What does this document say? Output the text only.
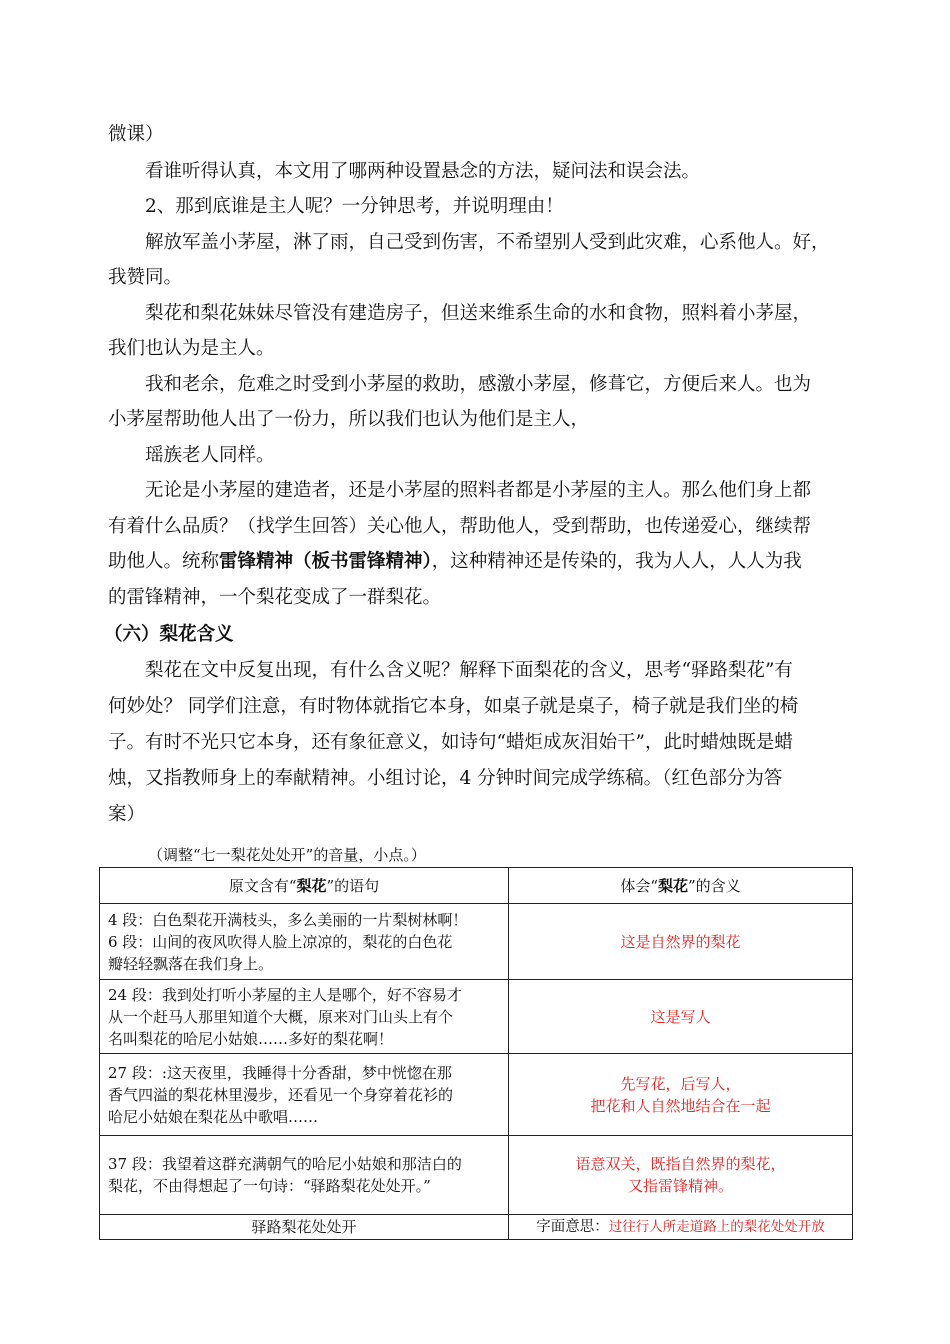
微课）
看谁听得认真，本文用了哪两种设置悬念的方法，疑问法和误会法。
2、那到底谁是主人呢？一分钟思考，并说明理由！
解放军盖小茅屋，淋了雨，自己受到伤害，不希望别人受到此灾难，心系他人。好，
我赞同。
梨花和梨花妹妹尽管没有建造房子，但送来维系生命的水和食物，照料着小茅屋，
我们也认为是主人。
我和老余，危难之时受到小茅屋的救助，感激小茅屋，修葺它，方便后来人。也为
小茅屋帮助他人出了一份力，所以我们也认为他们是主人，
瑶族老人同样。
无论是小茅屋的建造者，还是小茅屋的照料者都是小茅屋的主人。那么他们身上都
有着什么品质？（找学生回答）关心他人，帮助他人，受到帮助，也传递爱心，继续帮
助他人。统称雷锋精神（板书雷锋精神），这种精神还是传染的，我为人人，人人为我
的雷锋精神，一个梨花变成了一群梨花。
（六）梨花含义
梨花在文中反复出现，有什么含义呢？解释下面梨花的含义，思考“驿路梨花”有
何妙处？ 同学们注意，有时物体就指它本身，如桌子就是桌子，椅子就是我们坐的椅
子。有时不光只它本身，还有象征意义，如诗句“蜡炬成灰泪始干”，此时蜡烛既是蜡
烛，又指教师身上的奉献精神。小组讨论，4 分钟时间完成学练稿。（红色部分为答
案）
（调整“七一梨花处处开”的音量，小点。）
原文含有“梨花”的语句	体会“梨花”的含义

4 段：白色梨花开满枝头，多么美丽的一片梨树林啊！
6 段：山间的夜风吹得人脸上凉凉的，梨花的白色花
瓣轻轻飘落在我们身上。	这是自然界的梨花

24 段：我到处打听小茅屋的主人是哪个，好不容易才
从一个赶马人那里知道个大概，原来对门山头上有个
名叫梨花的哈尼小姑娘……多好的梨花啊！	这是写人

27 段：:这天夜里，我睡得十分香甜，梦中恍惚在那
香气四溢的梨花林里漫步，还看见一个身穿着花衫的
哈尼小姑娘在梨花丛中歌唱……	先写花，后写人，
把花和人自然地结合在一起

37 段：我望着这群充满朝气的哈尼小姑娘和那洁白的
梨花，不由得想起了一句诗：“驿路梨花处处开。”	语意双关，既指自然界的梨花，
又指雷锋精神。

驿路梨花处处开	字面意思：过往行人所走道路上的梨花处处开放
